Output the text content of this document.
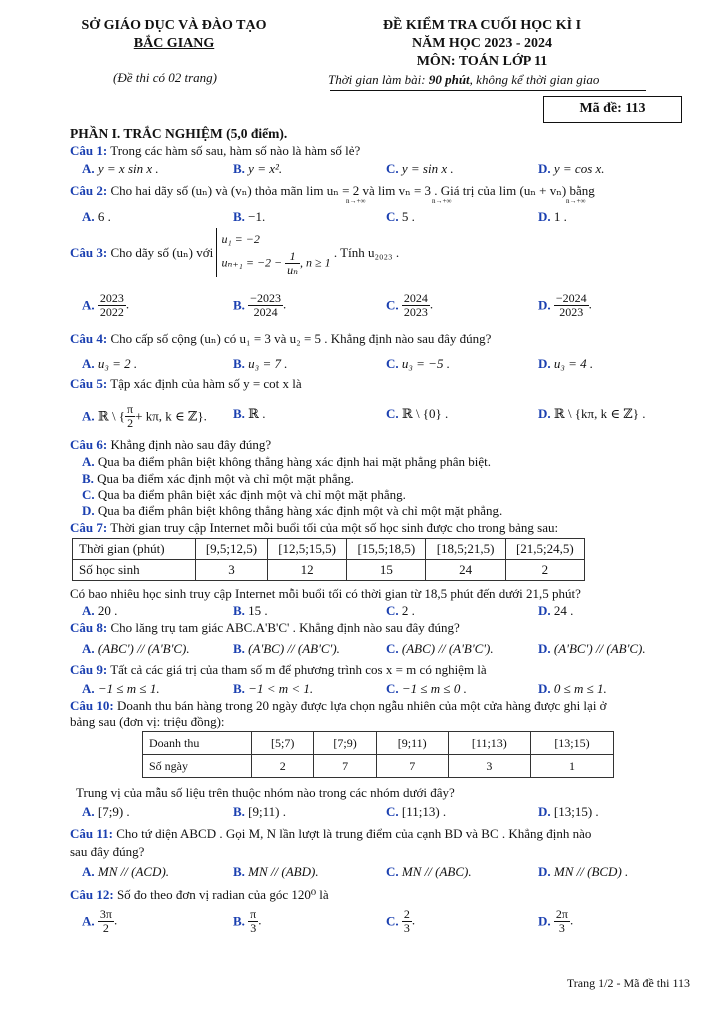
SỞ GIÁO DỤC VÀ ĐÀO TẠO
BẮC GIANG
(Đề thi có 02 trang)
ĐỀ KIỂM TRA CUỐI HỌC KÌ I
NĂM HỌC 2023 - 2024
MÔN: TOÁN LỚP 11
Thời gian làm bài: 90 phút, không kể thời gian giao
Mã đề: 113
PHẦN I. TRẮC NGHIỆM (5,0 điểm).
Câu 1: Trong các hàm số sau, hàm số nào là hàm số lẻ?
A. y = x sin x .	B. y = x².	C. y = sin x .	D. y = cos x.
Câu 2: Cho hai dãy số (uₙ) và (vₙ) thỏa mãn lim uₙ = 2 và lim vₙ = 3 . Giá trị của lim (uₙ + vₙ) bằng
n→+∞	n→+∞	n→+∞
A. 6 .	B. −1.	C. 5 .	D. 1 .
Câu 3: Cho dãy số (uₙ) với
u₁ = −2
$u_{n+1} = -2 - \frac{1}{\text{uₙ}}$ , n ≥ 1
. Tính u₂₀₂₃ .
A. $\frac{2023}{2022}$ .	B. $\frac{-2023}{2024}$ .	C. $\frac{2024}{2023}$ .	D. $\frac{-2024}{2023}$ .
Câu 4: Cho cấp số cộng (uₙ) có u₁ = 3 và u₂ = 5 . Khẳng định nào sau đây đúng?
A. u₃ = 2 .	B. u₃ = 7 .	C. u₃ = −5 .	D. u₃ = 4 .
Câu 5: Tập xác định của hàm số y = cot x là
A. ℝ \ { $\frac{\pi}{2} + k\pi$, k ∈ ℤ}. B. ℝ .	C. ℝ \ {0} .	D. ℝ \ {kπ, k ∈ ℤ} .
Câu 6: Khẳng định nào sau đây đúng?
A. Qua ba điểm phân biệt không thẳng hàng xác định hai mặt phẳng phân biệt.
B. Qua ba điểm xác định một và chỉ một mặt phẳng.
C. Qua ba điểm phân biệt xác định một và chỉ một mặt phẳng.
D. Qua ba điểm phân biệt không thẳng hàng xác định một và chỉ một mặt phẳng.
Câu 7: Thời gian truy cập Internet mỗi buổi tối của một số học sinh được cho trong bảng sau:
Thời gian (phút)	[9,5;12,5)	[12,5;15,5)	[15,5;18,5)	[18,5;21,5)	[21,5;24,5)
Số học sinh	3	12	15	24	2
Có bao nhiêu học sinh truy cập Internet mỗi buổi tối có thời gian từ 18,5 phút đến dưới 21,5 phút?
A. 20 .	B. 15 .	C. 2 .	D. 24 .
Câu 8: Cho lăng trụ tam giác ABC.A'B'C' . Khẳng định nào sau đây đúng?
A. (ABC') // (A'B'C).	B. (A'BC) // (AB'C').	C. (ABC) // (A'B'C').	D. (A'BC') // (AB'C).
Câu 9: Tất cả các giá trị của tham số m để phương trình cos x = m có nghiệm là
A. −1 ≤ m ≤ 1.	B. −1 < m < 1.	C. −1 ≤ m ≤ 0 .	D. 0 ≤ m ≤ 1.
Câu 10: Doanh thu bán hàng trong 20 ngày được lựa chọn ngẫu nhiên của một cửa hàng được ghi lại ở
bảng sau (đơn vị: triệu đồng):
Doanh thu	[5;7)	[7;9)	[9;11)	[11;13)	[13;15)
Số ngày	2	7	7	3	1
Trung vị của mẫu số liệu trên thuộc nhóm nào trong các nhóm dưới đây?
A. [7;9) .	B. [9;11) .	C. [11;13) .	D. [13;15) .
Câu 11: Cho tứ diện ABCD . Gọi M, N lần lượt là trung điểm của cạnh BD và BC . Khẳng định nào
sau đây đúng?
A. MN // (ACD).	B. MN // (ABD).	C. MN // (ABC).	D. MN // (BCD) .
Câu 12: Số đo theo đơn vị radian của góc 120⁰ là
A. $\frac{3\pi}{2}$ .	B. $\frac{\pi}{3}$ .	C. $\frac{2}{3}$ .	D. $\frac{2\pi}{3}$ .
Trang 1/2 - Mã đề thi 113
